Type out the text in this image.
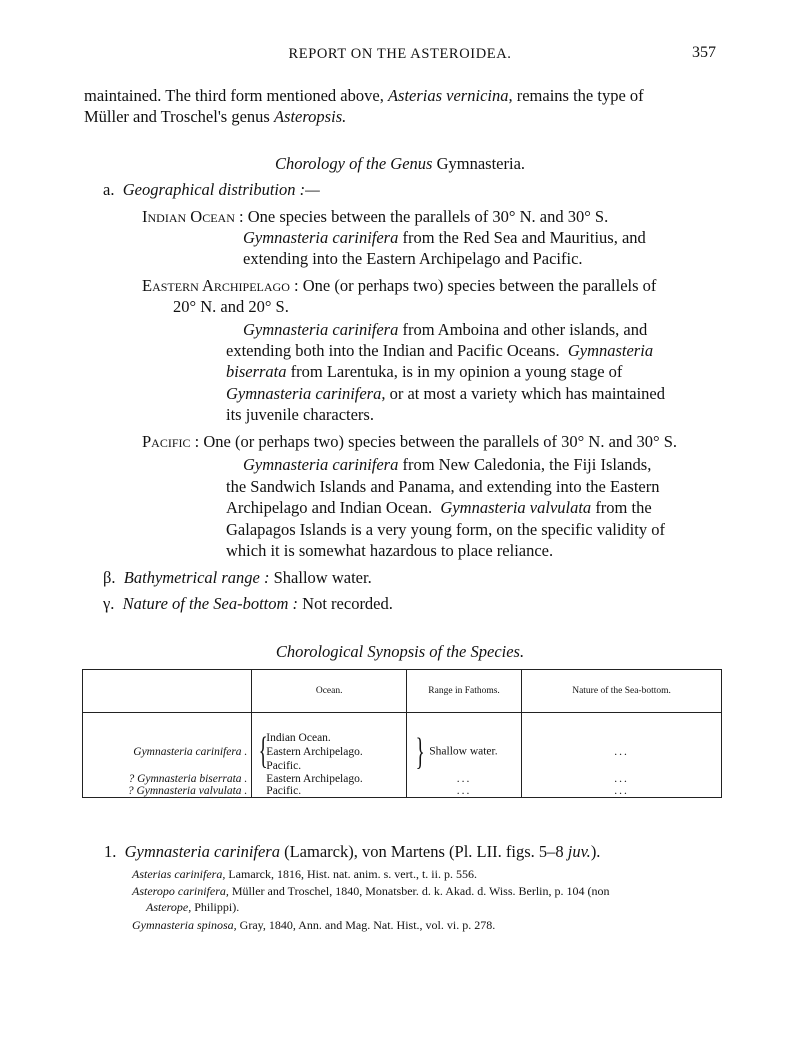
REPORT ON THE ASTEROIDEA.	357
maintained. The third form mentioned above, Asterias vernicina, remains the type of
Müller and Troschel's genus Asteropsis.
Chorology of the Genus Gymnasteria.
a. Geographical distribution :—
Indian Ocean : One species between the parallels of 30° N. and 30° S.
Gymnasteria carinifera from the Red Sea and Mauritius, and
extending into the Eastern Archipelago and Pacific.
Eastern Archipelago : One (or perhaps two) species between the parallels of
20° N. and 20° S.
Gymnasteria carinifera from Amboina and other islands, and
extending both into the Indian and Pacific Oceans. Gymnasteria
biserrata from Larentuka, is in my opinion a young stage of
Gymnasteria carinifera, or at most a variety which has maintained
its juvenile characters.
Pacific : One (or perhaps two) species between the parallels of 30° N. and 30° S.
Gymnasteria carinifera from New Caledonia, the Fiji Islands,
the Sandwich Islands and Panama, and extending into the Eastern
Archipelago and Indian Ocean. Gymnasteria valvulata from the
Galapagos Islands is a very young form, on the specific validity of
which it is somewhat hazardous to place reliance.
β. Bathymetrical range : Shallow water.
γ. Nature of the Sea-bottom : Not recorded.
Chorological Synopsis of the Species.
	Ocean.	Range in Fathoms.	Nature of the Sea-bottom.

Gymnasteria carinifera .	{
Indian Ocean.
Eastern Archipelago.
Pacific.	} Shallow water.	...
? Gymnasteria biserrata .	Eastern Archipelago.	...	...
? Gymnasteria valvulata .	Pacific.	...	...
1. Gymnasteria carinifera (Lamarck), von Martens (Pl. LII. figs. 5–8 juv.).
Asterias carinifera, Lamarck, 1816, Hist. nat. anim. s. vert., t. ii. p. 556.
Asteropo carinifera, Müller and Troschel, 1840, Monatsber. d. k. Akad. d. Wiss. Berlin, p. 104 (non
Asterope, Philippi).
Gymnasteria spinosa, Gray, 1840, Ann. and Mag. Nat. Hist., vol. vi. p. 278.
